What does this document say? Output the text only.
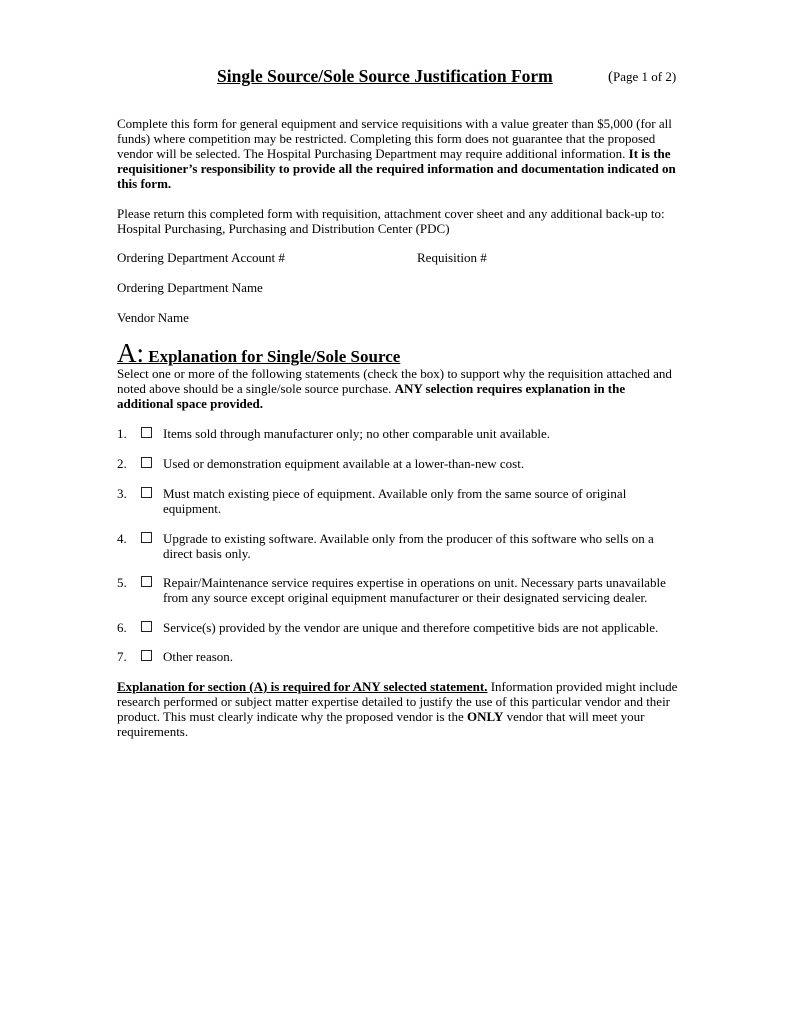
Single Source/Sole Source Justification Form	(Page 1 of 2)
Complete this form for general equipment and service requisitions with a value greater than $5,000 (for all funds) where competition may be restricted. Completing this form does not guarantee that the proposed vendor will be selected. The Hospital Purchasing Department may require additional information. It is the requisitioner’s responsibility to provide all the required information and documentation indicated on this form.
Please return this completed form with requisition, attachment cover sheet and any additional back-up to:
Hospital Purchasing, Purchasing and Distribution Center (PDC)
Ordering Department Account #	Requisition #
Ordering Department Name
Vendor Name
A: Explanation for Single/Sole Source
Select one or more of the following statements (check the box) to support why the requisition attached and noted above should be a single/sole source purchase. ANY selection requires explanation in the additional space provided.
1.	Items sold through manufacturer only; no other comparable unit available.
2.	Used or demonstration equipment available at a lower-than-new cost.
3.	Must match existing piece of equipment. Available only from the same source of original equipment.
4.	Upgrade to existing software. Available only from the producer of this software who sells on a direct basis only.
5.	Repair/Maintenance service requires expertise in operations on unit. Necessary parts unavailable from any source except original equipment manufacturer or their designated servicing dealer.
6.	Service(s) provided by the vendor are unique and therefore competitive bids are not applicable.
7.	Other reason.
Explanation for section (A) is required for ANY selected statement. Information provided might include research performed or subject matter expertise detailed to justify the use of this particular vendor and their product. This must clearly indicate why the proposed vendor is the ONLY vendor that will meet your requirements.
